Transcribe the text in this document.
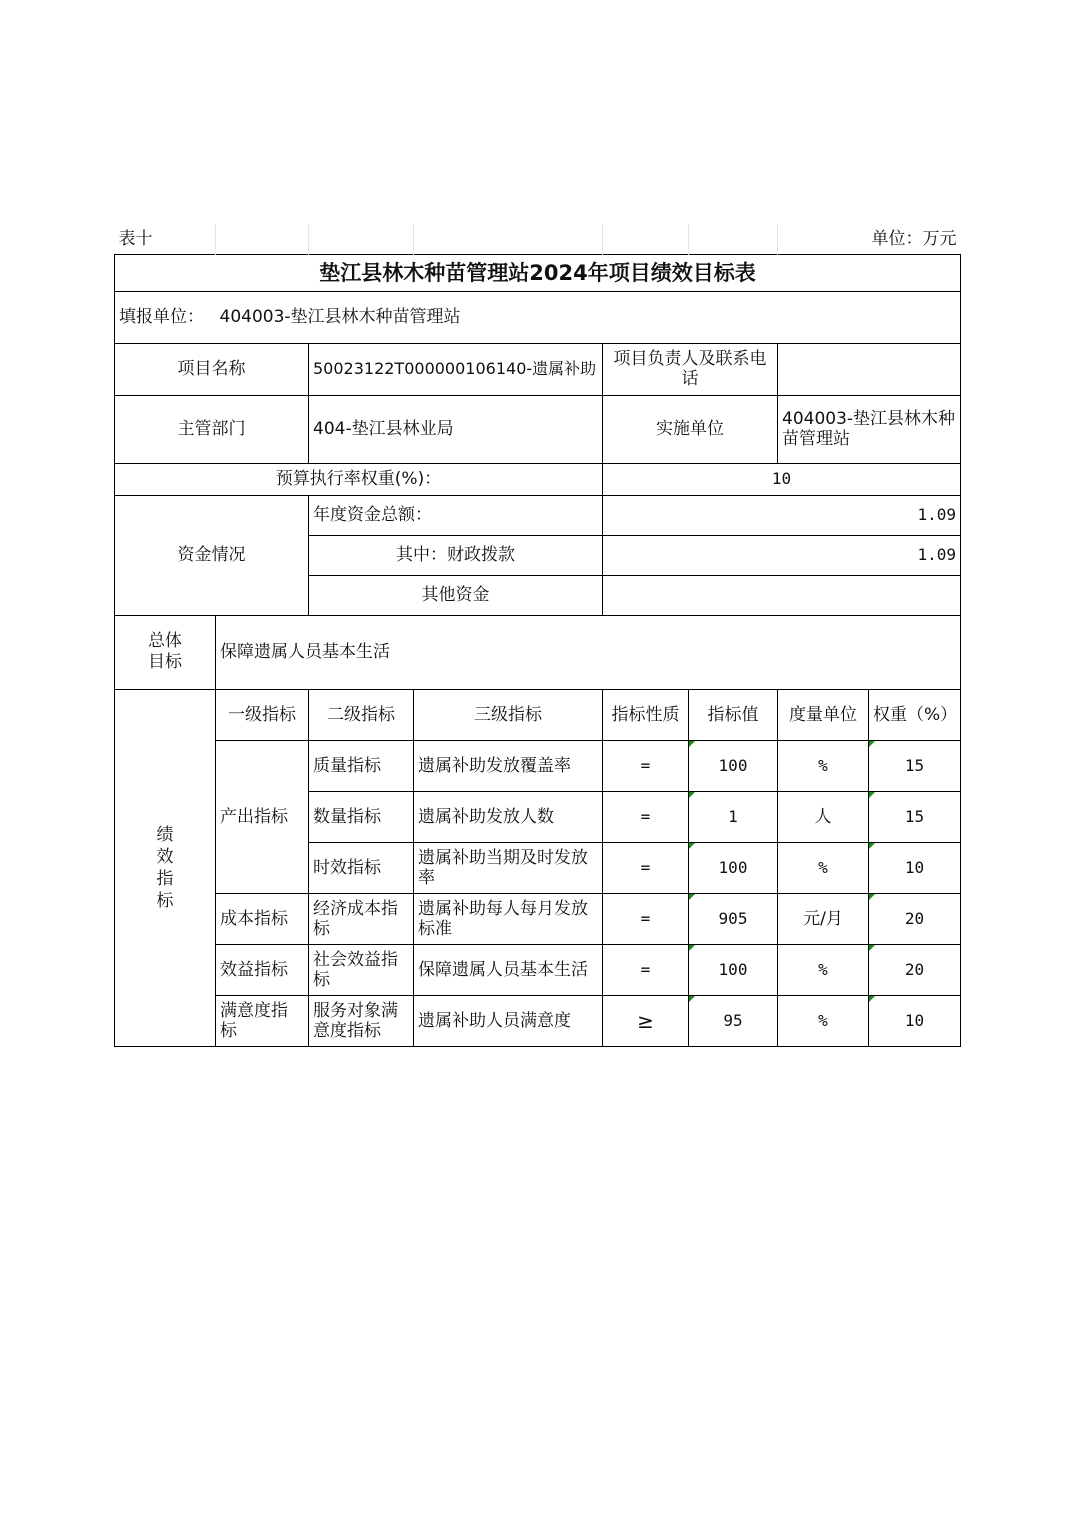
表十						单位：万元	
垫江县林木种苗管理站2024年项目绩效目标表							
填报单位：	404003-垫江县林木种苗管理站						
项目名称		50023122T000000106140-遗属补助		项目负责人及联系电话			
主管部门		404-垫江县林业局		实施单位		404003-垫江县林木种苗管理站	
预算执行率权重(%)：				10			
资金情况		年度资金总额：		1.09			
		其中：财政拨款		1.09			
		其他资金					

总体目标	保障遗属人员基本生活						

绩效指标	一级指标	二级指标	三级指标	指标性质	指标值	度量单位	权重（%）
	产出指标	质量指标	遗属补助发放覆盖率	=	100	%	15
		数量指标	遗属补助发放人数	=	1	人	15
		时效指标	遗属补助当期及时发放率	=	100	%	10
	成本指标	经济成本指标	遗属补助每人每月发放标准	=	905	元/月	20
	效益指标	社会效益指标	保障遗属人员基本生活	=	100	%	20
	满意度指标	服务对象满意度指标	遗属补助人员满意度	≥	95	%	10
